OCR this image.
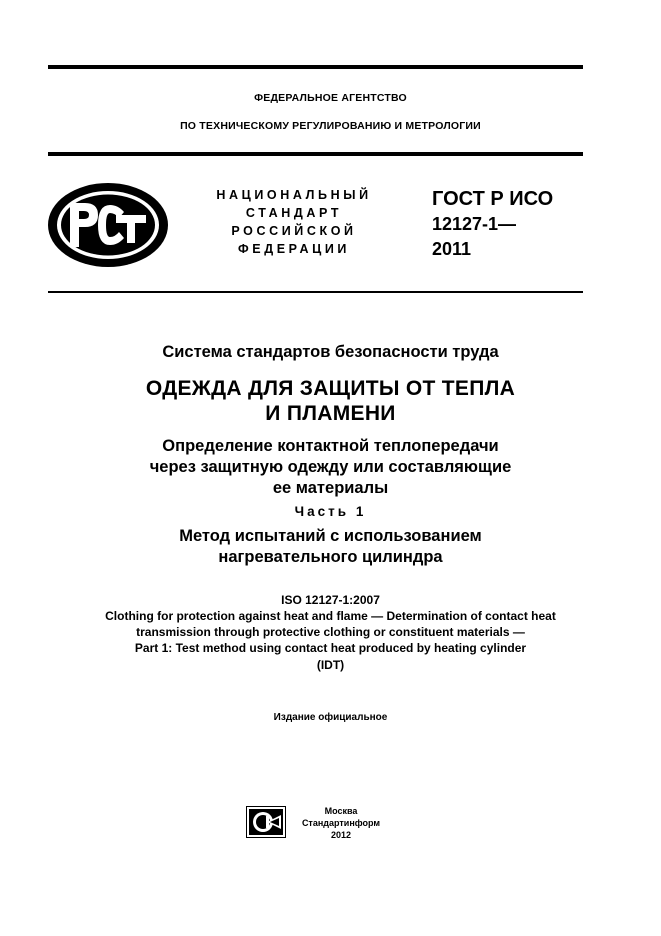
ФЕДЕРАЛЬНОЕ АГЕНТСТВО
ПО ТЕХНИЧЕСКОМУ РЕГУЛИРОВАНИЮ И МЕТРОЛОГИИ
НАЦИОНАЛЬНЫЙ
СТАНДАРТ
РОССИЙСКОЙ
ФЕДЕРАЦИИ
ГОСТ Р ИСО
12127-1—
2011
Система стандартов безопасности труда
ОДЕЖДА ДЛЯ ЗАЩИТЫ ОТ ТЕПЛА
И ПЛАМЕНИ
Определение контактной теплопередачи
через защитную одежду или составляющие
ее материалы
Часть 1
Метод испытаний с использованием
нагревательного цилиндра
ISO 12127-1:2007
Clothing for protection against heat and flame — Determination of contact heat
transmission through protective clothing or constituent materials —
Part 1: Test method using contact heat produced by heating cylinder
(IDT)
Издание официальное
Москва
Стандартинформ
2012
